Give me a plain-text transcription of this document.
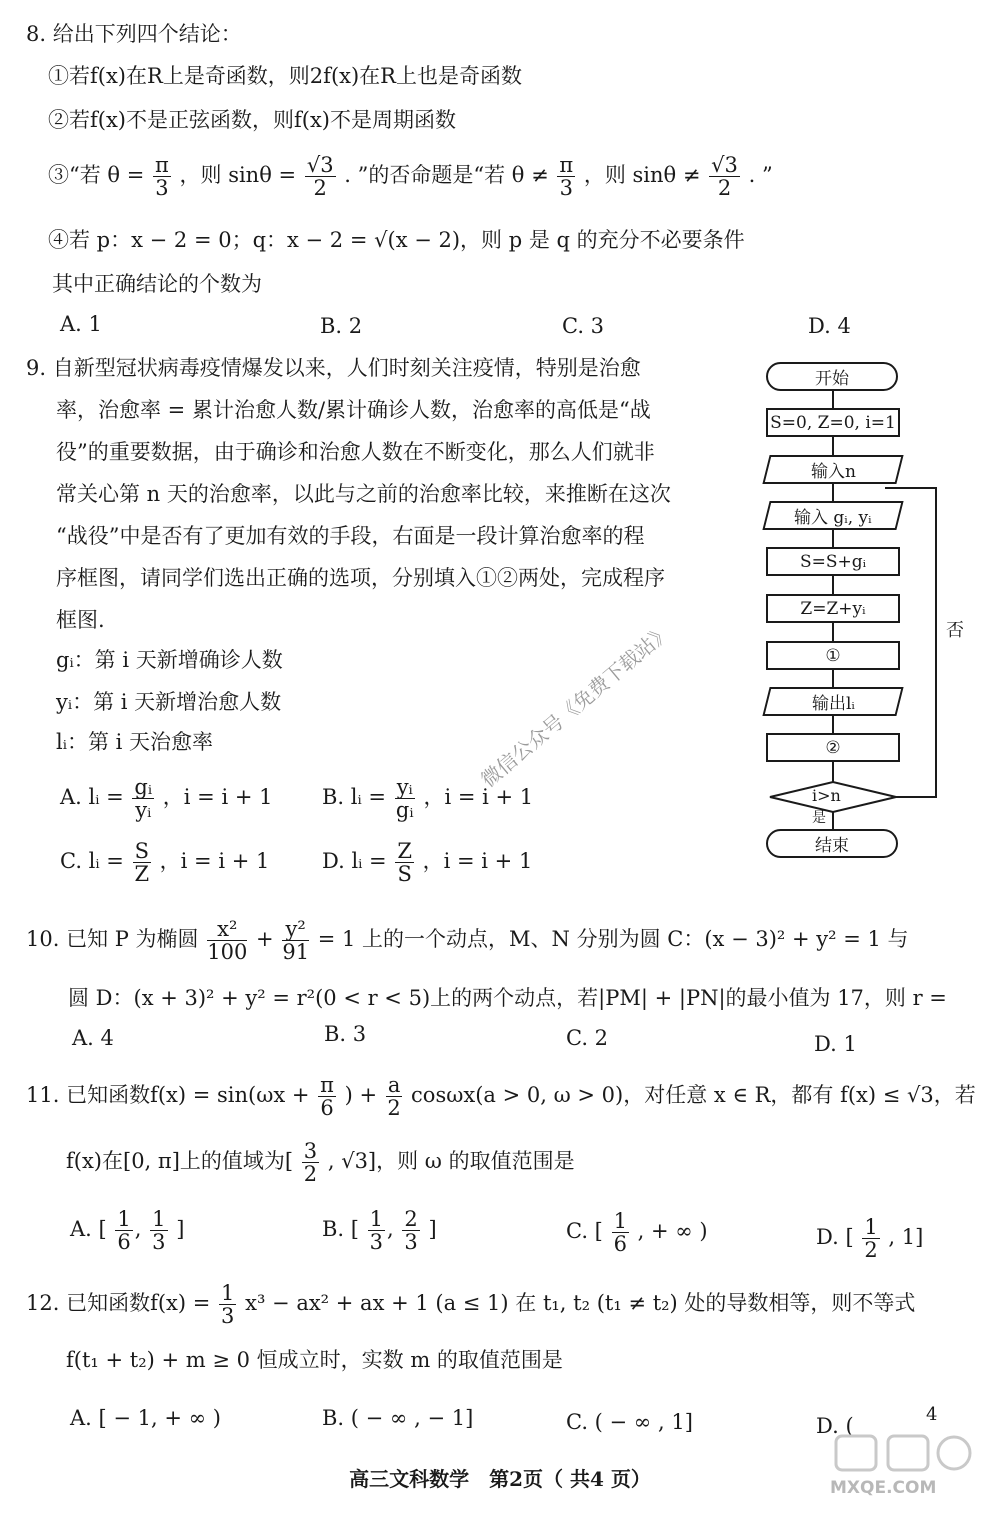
8. 给出下列四个结论：
①若f(x)在R上是奇函数，则2f(x)在R上也是奇函数
②若f(x)不是正弦函数，则f(x)不是周期函数
③“若 $\theta = \frac{\pi}{3}$ ，则 $\sin\theta = \frac{√3}{2}$ . ”的否命题是“若 $\theta \ne \frac{\pi}{3}$ ，则 $\sin\theta \ne \frac{√3}{2}$ . ”
④若 p：x − 2 = 0；q：x − 2 = √(x − 2)，则 p 是 q 的充分不必要条件
其中正确结论的个数为
A. 1	B. 2	C. 3	D. 4
9. 自新型冠状病毒疫情爆发以来，人们时刻关注疫情，特别是治愈
率，治愈率 = 累计治愈人数/累计确诊人数，治愈率的高低是“战
役”的重要数据，由于确诊和治愈人数在不断变化，那么人们就非
常关心第 n 天的治愈率，以此与之前的治愈率比较，来推断在这次
“战役”中是否有了更加有效的手段，右面是一段计算治愈率的程
序框图，请同学们选出正确的选项，分别填入①②两处，完成程序
框图.
gᵢ：第 i 天新增确诊人数
yᵢ：第 i 天新增治愈人数
lᵢ：第 i 天治愈率
A. lᵢ = $\frac{\text{gᵢ}}{\text{yᵢ}}$ ，i = i + 1 B. lᵢ = $\frac{\text{yᵢ}}{\text{gᵢ}}$ ，i = i + 1
C. lᵢ = $\frac{S}{Z}$ ，i = i + 1	D. lᵢ = $\frac{Z}{S}$ ，i = i + 1
微信公众号《免费下载站》
开始
S=0, Z=0, i=1
输入n
输入 gᵢ, yᵢ
S=S+gᵢ
Z=Z+yᵢ
①
输出lᵢ
②
i>n
否
是
结束
10. 已知 P 为椭圆 $\frac{\text{x²}}{100} + \frac{\text{y²}}{91} = 1$ 上的一个动点，M、N 分别为圆 C：(x − 3)² + y² = 1 与
圆 D：(x + 3)² + y² = r²(0 < r < 5)上的两个动点，若|PM| + |PN|的最小值为 17，则 r =
A. 4	B. 3	C. 2	D. 1
11. 已知函数$f(x) = \sin(\omega x + \frac{\pi}{6}$ ) + $\frac{a}{2} \cos\omega x(a > 0$, ω > 0)，对任意 x ∈ R，都有 f(x) ≤ √3，若
f(x)在[0, π]上的值域为[ $\frac{3}{2}$ , √3]，则 ω 的取值范围是
A. [ $\frac{1}{6}$ , $\frac{1}{3}$ ]	B. [ $\frac{1}{3}$ , $\frac{2}{3}$ ]	C. [ $\frac{1}{6}$ , + ∞ )	D. [ $\frac{1}{2}$ , 1]
12. 已知函数$f(x) = \frac{1}{3} x^3 - ax^2$ + ax + 1 (a ≤ 1) 在 t₁, t₂ (t₁ ≠ t₂) 处的导数相等，则不等式
f(t₁ + t₂) + m ≥ 0 恒成立时，实数 m 的取值范围是
A. [ − 1, + ∞ )	B. ( − ∞ , − 1]	C. ( − ∞ , 1]	D. (	4
高三文科数学　第2页（ 共4 页）	MXQE.COM
